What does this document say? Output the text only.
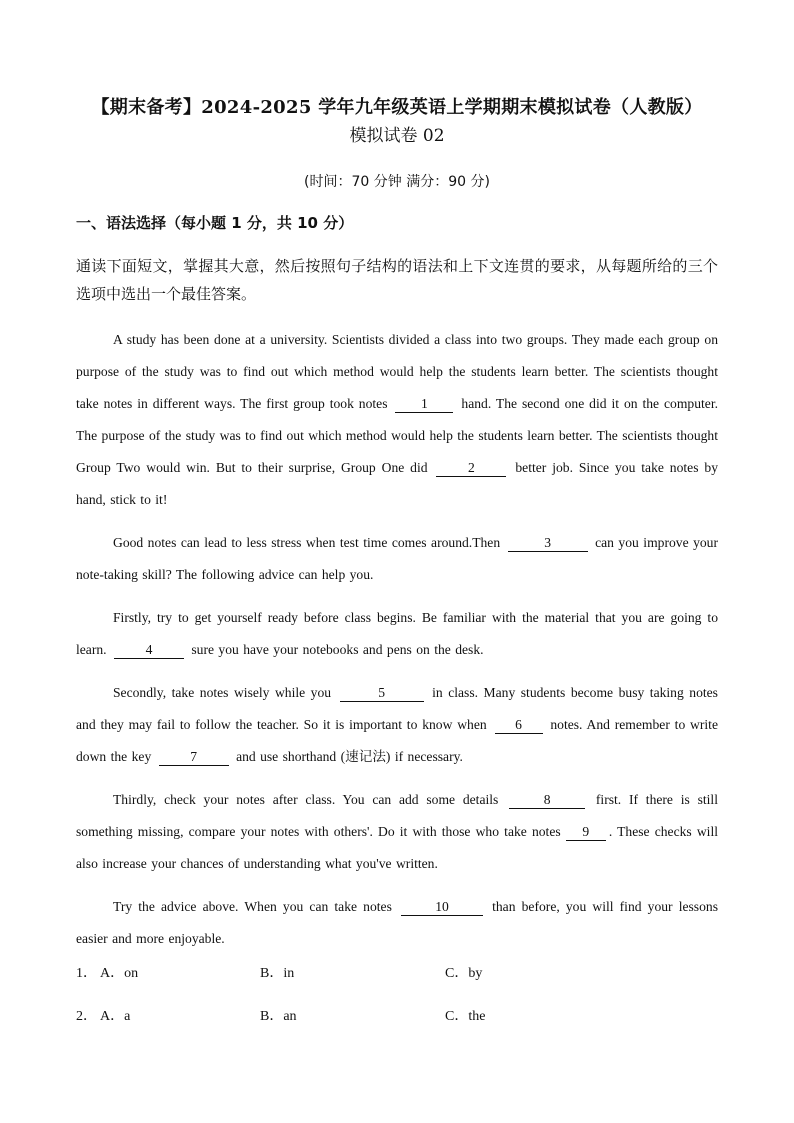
【期末备考】2024-2025 学年九年级英语上学期期末模拟试卷（人教版）
模拟试卷 02
(时间：70 分钟 满分：90 分)
一、语法选择（每小题 1 分，共 10 分）
通读下面短文，掌握其大意，然后按照句子结构的语法和上下文连贯的要求，从每题所给的三个选项中选出一个最佳答案。

A study has been done at a university. Scientists divided a class into two groups. They made each group on purpose of the study was to find out which method would help the students learn better. The scientists thought take notes in different ways. The first group took notes 1 hand. The second one did it on the computer. The purpose of the study was to find out which method would help the students learn better. The scientists thought Group Two would win. But to their surprise, Group One did	2	better job. Since you take notes by hand, stick to it!

Good notes can lead to less stress when test time comes around.Then	3	can you improve your note-taking skill? The following advice can help you.

Firstly, try to get yourself ready before class begins. Be familiar with the material that you are going to learn.	4	sure you have your notebooks and pens on the desk.

Secondly, take notes wisely while you	5	in class. Many students become busy taking notes and they may fail to follow the teacher. So it is important to know when 6 notes. And remember to write down the key	7	and use shorthand (速记法) if necessary.

Thirdly, check your notes after class. You can add some details	8	first. If there is still something missing, compare your notes with others'. Do it with those who take notes 9 . These checks will also increase your chances of understanding what you've written.

Try the advice above. When you can take notes	10	than before, you will find your lessons easier and more enjoyable.

1． A．on	B．in	C．by
2． A．a	B．an	C．the
